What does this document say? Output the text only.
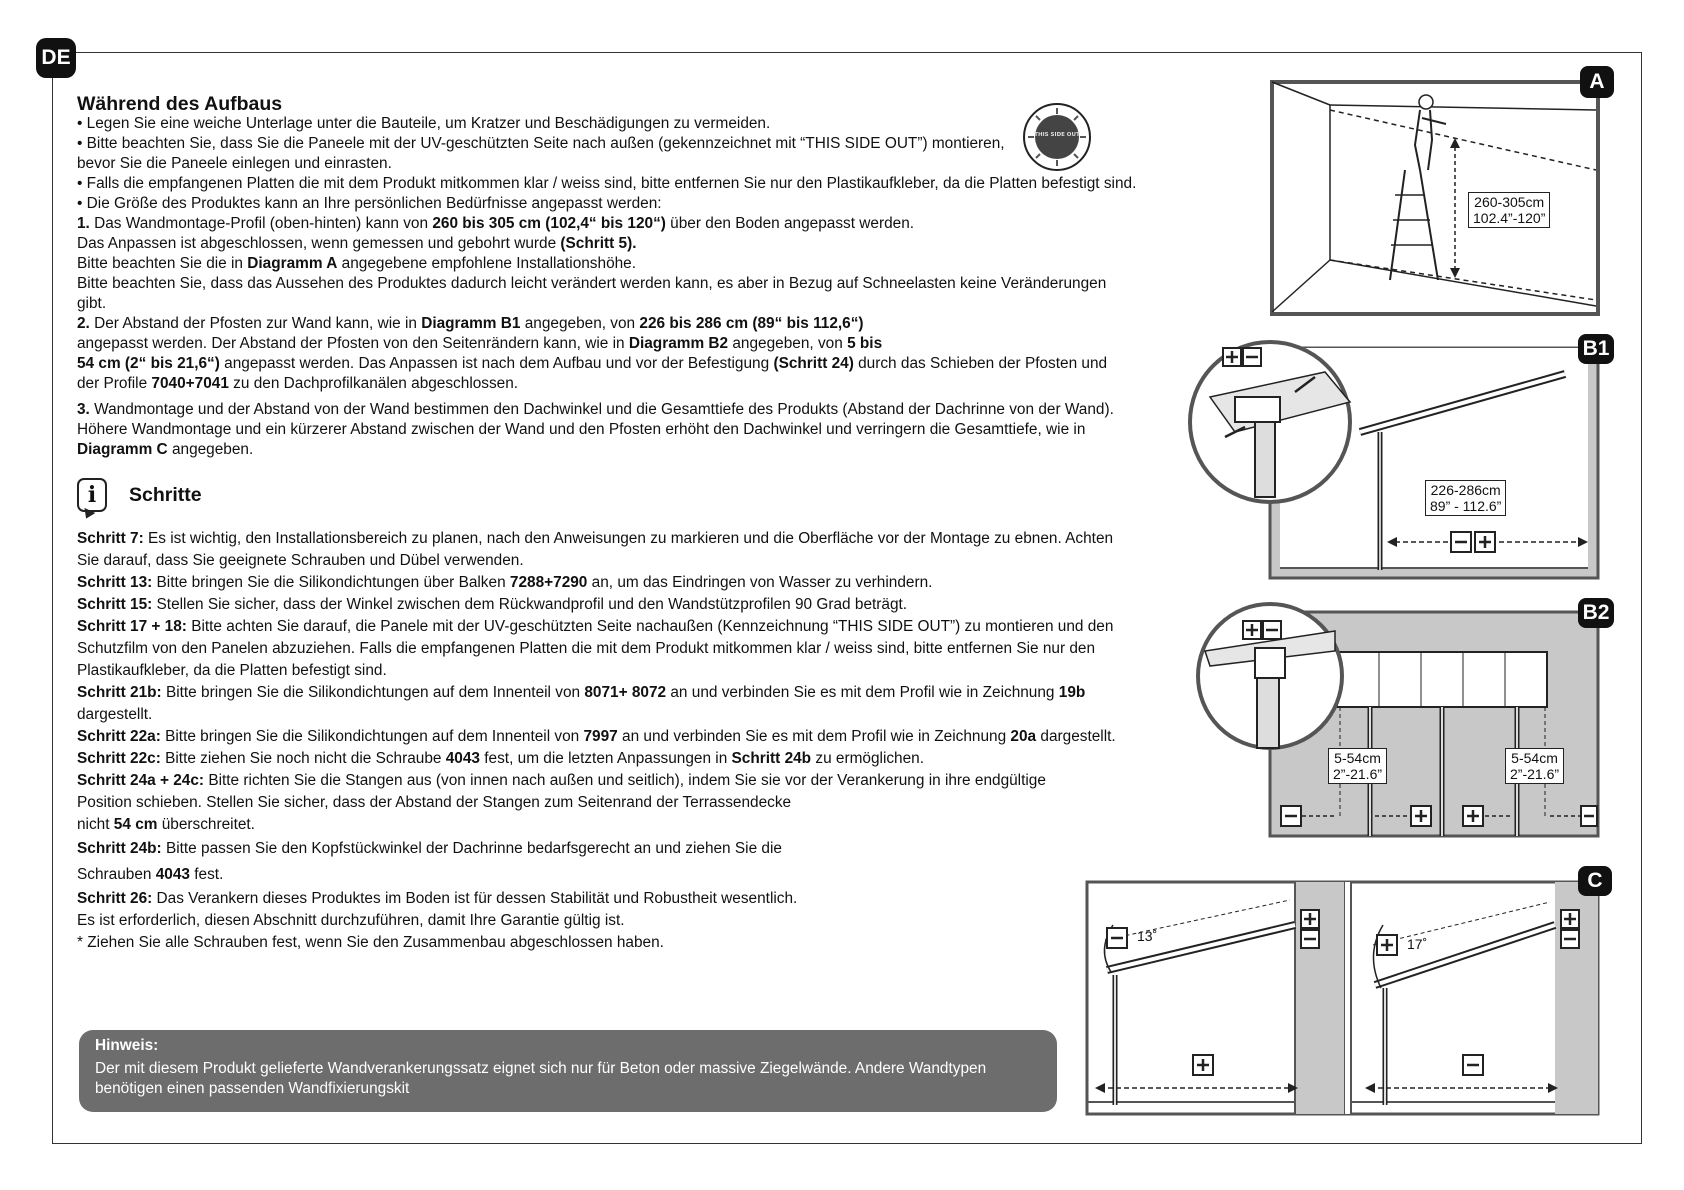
DE

Während des Aufbaus

• Legen Sie eine weiche Unterlage unter die Bauteile, um Kratzer und Beschädigungen zu vermeiden.

• Bitte beachten Sie, dass Sie die Paneele mit der UV-geschützten Seite nach außen (gekennzeichnet mit “THIS SIDE OUT”) montieren, bevor Sie die Paneele einlegen und einrasten.

• Falls die empfangenen Platten die mit dem Produkt mitkommen klar / weiss sind, bitte entfernen Sie nur den Plastikaufkleber, da die Platten befestigt sind.

• Die Größe des Produktes kann an Ihre persönlichen Bedürfnisse angepasst werden:

1. Das Wandmontage-Profil (oben-hinten) kann von 260 bis 305 cm (102,4“ bis 120“) über den Boden angepasst werden.
Das Anpassen ist abgeschlossen, wenn gemessen und gebohrt wurde (Schritt 5).
Bitte beachten Sie die in Diagramm A angegebene empfohlene Installationshöhe.
Bitte beachten Sie, dass das Aussehen des Produktes dadurch leicht verändert werden kann, es aber in Bezug auf Schneelasten keine Veränderungen gibt.

2. Der Abstand der Pfosten zur Wand kann, wie in Diagramm B1 angegeben, von 226 bis 286 cm (89“ bis 112,6“)
angepasst werden. Der Abstand der Pfosten von den Seitenrändern kann, wie in Diagramm B2 angegeben, von 5 bis
54 cm (2“ bis 21,6“) angepasst werden. Das Anpassen ist nach dem Aufbau und vor der Befestigung (Schritt 24) durch das Schieben der Pfosten und der Profile 7040+7041 zu den Dachprofilkanälen abgeschlossen.

3. Wandmontage und der Abstand von der Wand bestimmen den Dachwinkel und die Gesamttiefe des Produkts (Abstand der Dachrinne von der Wand). Höhere Wandmontage und ein kürzerer Abstand zwischen der Wand und den Pfosten erhöht den Dachwinkel und verringern die Gesamttiefe, wie in Diagramm C angegeben.

i	Schritte

Schritt 7: Es ist wichtig, den Installationsbereich zu planen, nach den Anweisungen zu markieren und die Oberfläche vor der Montage zu ebnen. Achten Sie darauf, dass Sie geeignete Schrauben und Dübel verwenden.

Schritt 13: Bitte bringen Sie die Silikondichtungen über Balken 7288+7290 an, um das Eindringen von Wasser zu verhindern.

Schritt 15: Stellen Sie sicher, dass der Winkel zwischen dem Rückwandprofil und den Wandstützprofilen 90 Grad beträgt.

Schritt 17 + 18: Bitte achten Sie darauf, die Panele mit der UV-geschützten Seite nachaußen (Kennzeichnung “THIS SIDE OUT”) zu montieren und den Schutzfilm von den Panelen abzuziehen. Falls die empfangenen Platten die mit dem Produkt mitkommen klar / weiss sind, bitte entfernen Sie nur den Plastikaufkleber, da die Platten befestigt sind.

Schritt 21b: Bitte bringen Sie die Silikondichtungen auf dem Innenteil von 8071+ 8072 an und verbinden Sie es mit dem Profil wie in Zeichnung 19b dargestellt.

Schritt 22a: Bitte bringen Sie die Silikondichtungen auf dem Innenteil von 7997 an und verbinden Sie es mit dem Profil wie in Zeichnung 20a dargestellt.

Schritt 22c: Bitte ziehen Sie noch nicht die Schraube 4043 fest, um die letzten Anpassungen in Schritt 24b zu ermöglichen.

Schritt 24a + 24c: Bitte richten Sie die Stangen aus (von innen nach außen und seitlich), indem Sie sie vor der Verankerung in ihre endgültige Position schieben. Stellen Sie sicher, dass der Abstand der Stangen zum Seitenrand der Terrassendecke
nicht 54 cm überschreitet.

Schritt 24b: Bitte passen Sie den Kopfstückwinkel der Dachrinne bedarfsgerecht an und ziehen Sie die
Schrauben 4043 fest.

Schritt 26: Das Verankern dieses Produktes im Boden ist für dessen Stabilität und Robustheit wesentlich.
Es ist erforderlich, diesen Abschnitt durchzuführen, damit Ihre Garantie gültig ist.

* Ziehen Sie alle Schrauben fest, wenn Sie den Zusammenbau abgeschlossen haben.

Hinweis:

Der mit diesem Produkt gelieferte Wandverankerungssatz eignet sich nur für Beton oder massive Ziegelwände. Andere Wandtypen benötigen einen passenden Wandfixierungskit

THIS SIDE OUT
A
260-305cm
102.4”-120”
B1
226-286cm
89” - 112.6”
B2
5-54cm
2”-21.6”
5-54cm
2”-21.6”
C
13˚	17˚
